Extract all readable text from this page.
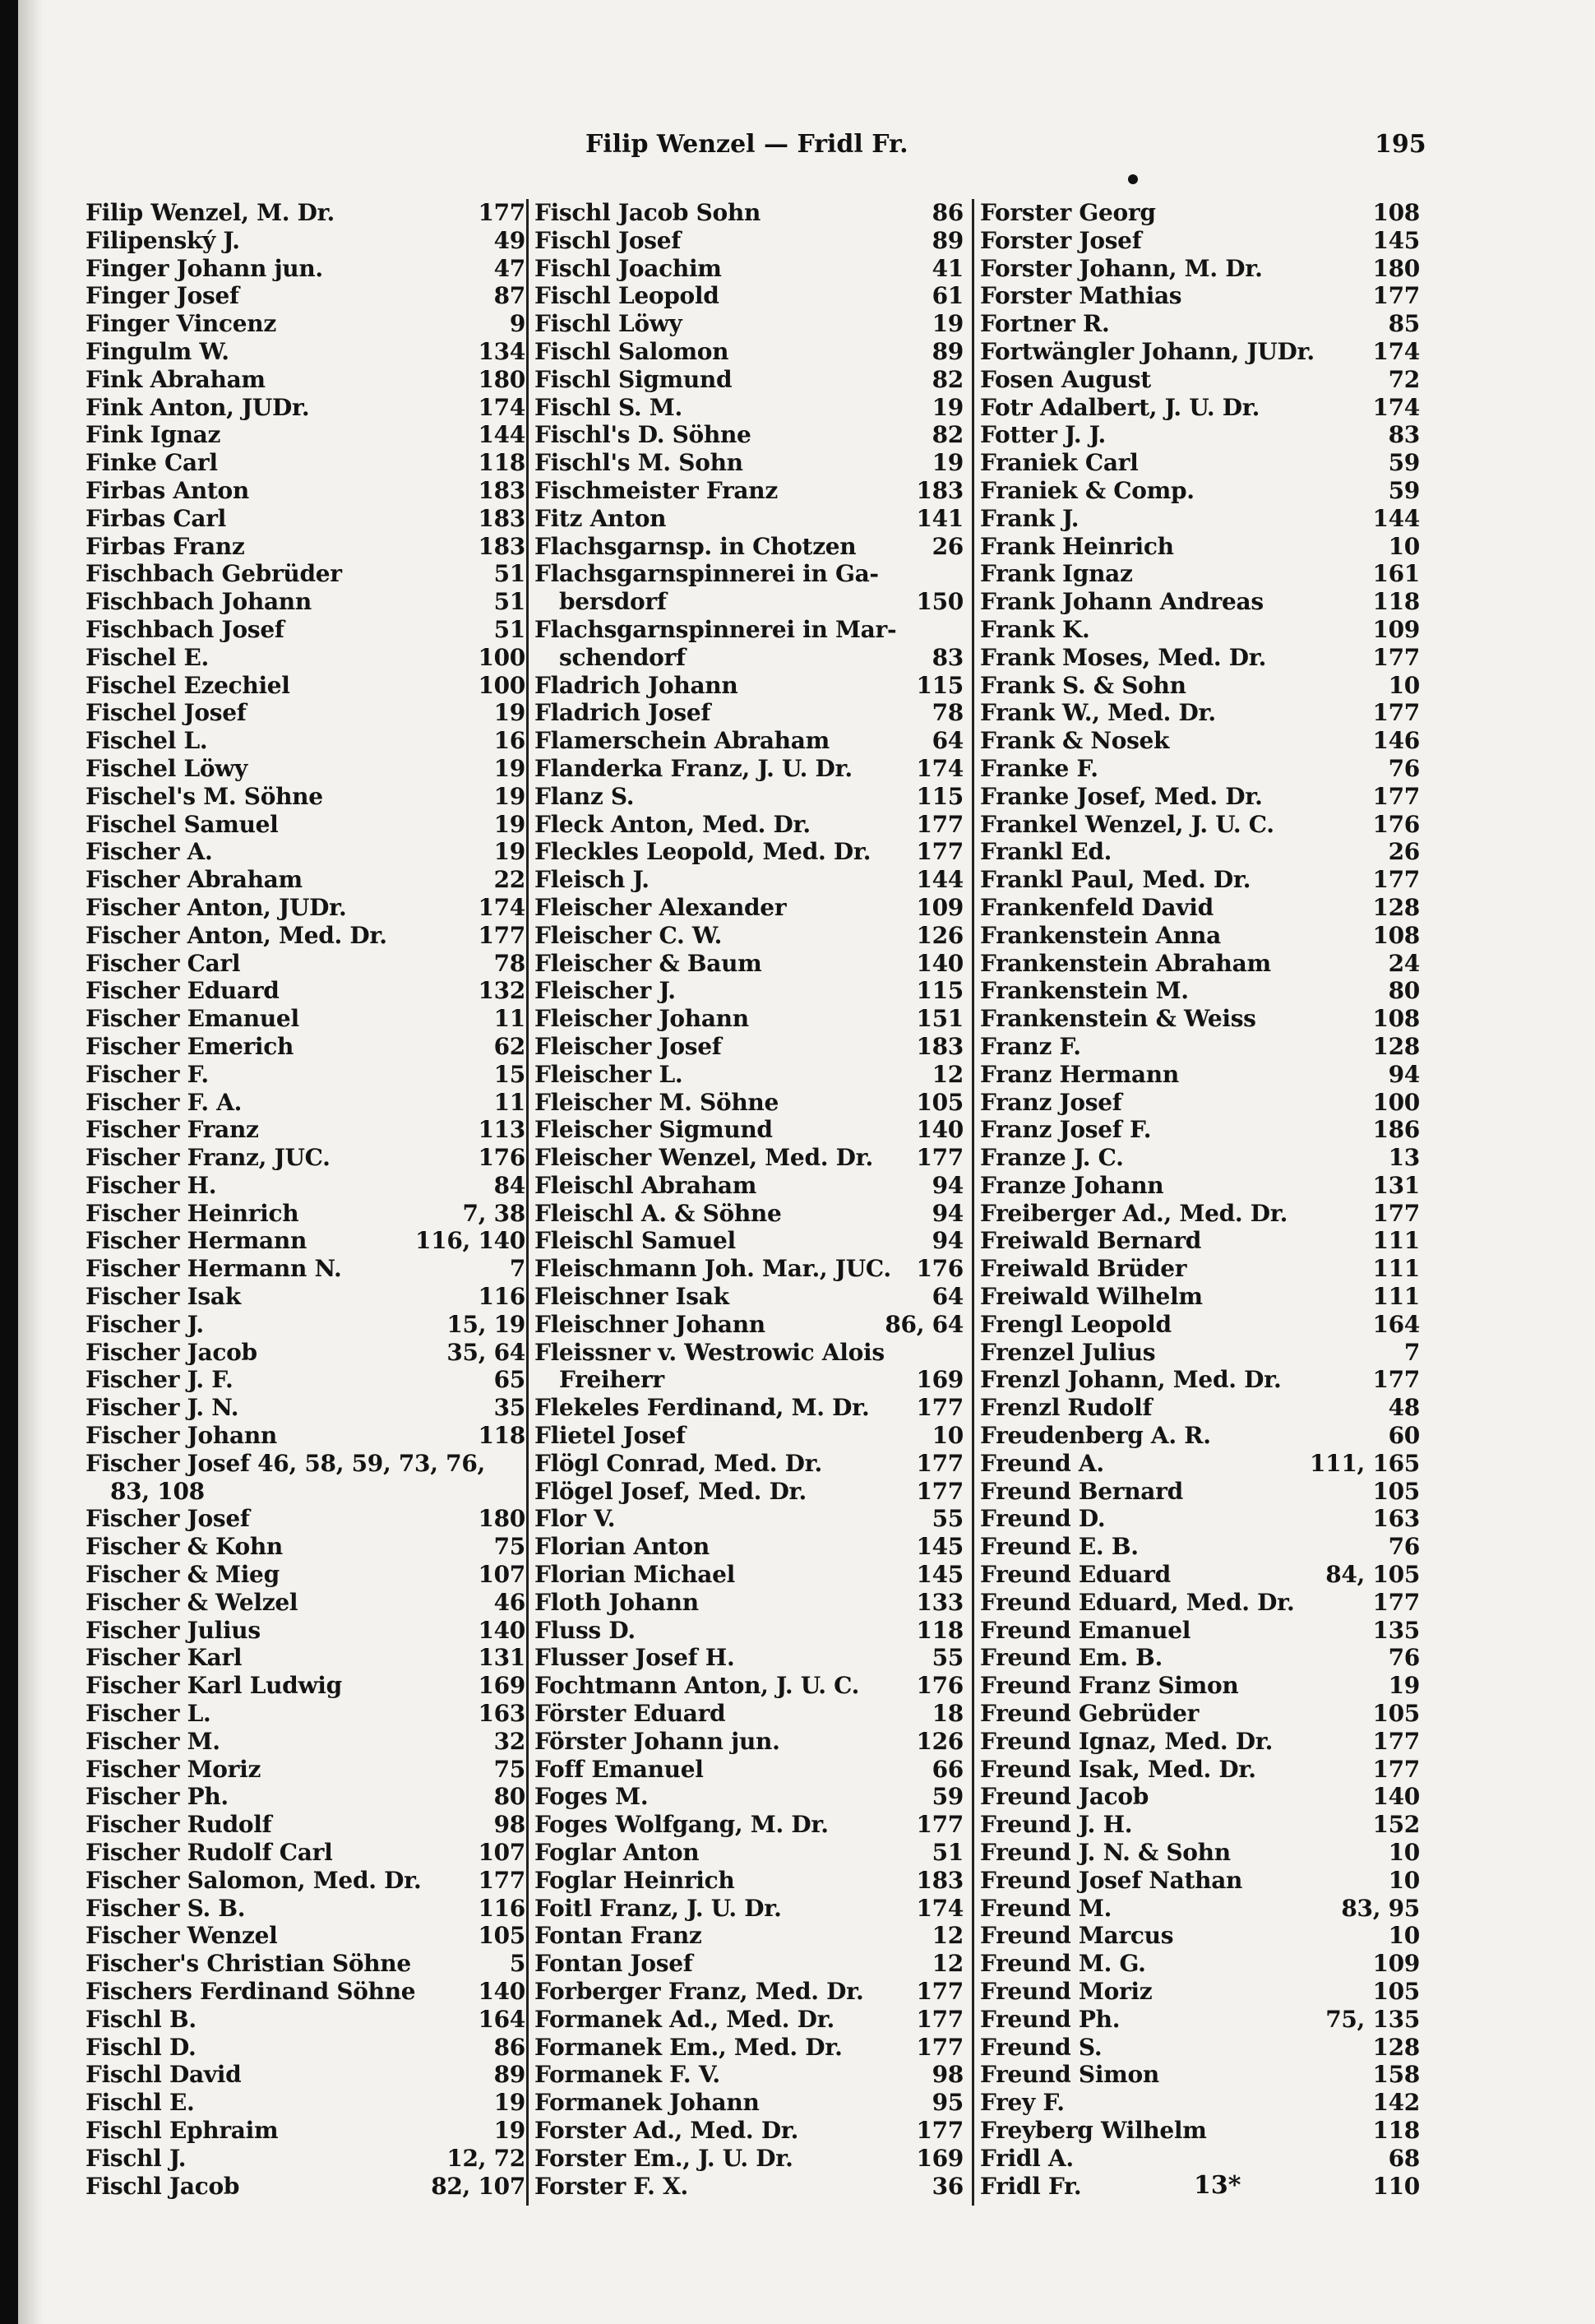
Filip Wenzel — Fridl Fr.	195
Filip Wenzel, M. Dr.	177
Filipenský J.	49
Finger Johann jun.	47
Finger Josef	87
Finger Vincenz	9
Fingulm W.	134
Fink Abraham	180
Fink Anton, JUDr.	174
Fink Ignaz	144
Finke Carl	118
Firbas Anton	183
Firbas Carl	183
Firbas Franz	183
Fischbach Gebrüder	51
Fischbach Johann	51
Fischbach Josef	51
Fischel E.	100
Fischel Ezechiel	100
Fischel Josef	19
Fischel L.	16
Fischel Löwy	19
Fischel's M. Söhne	19
Fischel Samuel	19
Fischer A.	19
Fischer Abraham	22
Fischer Anton, JUDr.	174
Fischer Anton, Med. Dr.	177
Fischer Carl	78
Fischer Eduard	132
Fischer Emanuel	11
Fischer Emerich	62
Fischer F.	15
Fischer F. A.	11
Fischer Franz	113
Fischer Franz, JUC.	176
Fischer H.	84
Fischer Heinrich	7, 38
Fischer Hermann	116, 140
Fischer Hermann N.	7
Fischer Isak	116
Fischer J.	15, 19
Fischer Jacob	35, 64
Fischer J. F.	65
Fischer J. N.	35
Fischer Johann	118
Fischer Josef 46, 58, 59, 73, 76,
83, 108
Fischer Josef	180
Fischer & Kohn	75
Fischer & Mieg	107
Fischer & Welzel	46
Fischer Julius	140
Fischer Karl	131
Fischer Karl Ludwig	169
Fischer L.	163
Fischer M.	32
Fischer Moriz	75
Fischer Ph.	80
Fischer Rudolf	98
Fischer Rudolf Carl	107
Fischer Salomon, Med. Dr.	177
Fischer S. B.	116
Fischer Wenzel	105
Fischer's Christian Söhne	5
Fischers Ferdinand Söhne	140
Fischl B.	164
Fischl D.	86
Fischl David	89
Fischl E.	19
Fischl Ephraim	19
Fischl J.	12, 72
Fischl Jacob	82, 107
Fischl Jacob Sohn	86
Fischl Josef	89
Fischl Joachim	41
Fischl Leopold	61
Fischl Löwy	19
Fischl Salomon	89
Fischl Sigmund	82
Fischl S. M.	19
Fischl's D. Söhne	82
Fischl's M. Sohn	19
Fischmeister Franz	183
Fitz Anton	141
Flachsgarnsp. in Chotzen	26
Flachsgarnspinnerei in Ga-
bersdorf	150
Flachsgarnspinnerei in Mar-
schendorf	83
Fladrich Johann	115
Fladrich Josef	78
Flamerschein Abraham	64
Flanderka Franz, J. U. Dr.	174
Flanz S.	115
Fleck Anton, Med. Dr.	177
Fleckles Leopold, Med. Dr.	177
Fleisch J.	144
Fleischer Alexander	109
Fleischer C. W.	126
Fleischer & Baum	140
Fleischer J.	115
Fleischer Johann	151
Fleischer Josef	183
Fleischer L.	12
Fleischer M. Söhne	105
Fleischer Sigmund	140
Fleischer Wenzel, Med. Dr.	177
Fleischl Abraham	94
Fleischl A. & Söhne	94
Fleischl Samuel	94
Fleischmann Joh. Mar., JUC.	176
Fleischner Isak	64
Fleischner Johann	86, 64
Fleissner v. Westrowic Alois
Freiherr	169
Flekeles Ferdinand, M. Dr.	177
Flietel Josef	10
Flögl Conrad, Med. Dr.	177
Flögel Josef, Med. Dr.	177
Flor V.	55
Florian Anton	145
Florian Michael	145
Floth Johann	133
Fluss D.	118
Flusser Josef H.	55
Fochtmann Anton, J. U. C.	176
Förster Eduard	18
Förster Johann jun.	126
Foff Emanuel	66
Foges M.	59
Foges Wolfgang, M. Dr.	177
Foglar Anton	51
Foglar Heinrich	183
Foitl Franz, J. U. Dr.	174
Fontan Franz	12
Fontan Josef	12
Forberger Franz, Med. Dr.	177
Formanek Ad., Med. Dr.	177
Formanek Em., Med. Dr.	177
Formanek F. V.	98
Formanek Johann	95
Forster Ad., Med. Dr.	177
Forster Em., J. U. Dr.	169
Forster F. X.	36
Forster Georg	108
Forster Josef	145
Forster Johann, M. Dr.	180
Forster Mathias	177
Fortner R.	85
Fortwängler Johann, JUDr.	174
Fosen August	72
Fotr Adalbert, J. U. Dr.	174
Fotter J. J.	83
Franiek Carl	59
Franiek & Comp.	59
Frank J.	144
Frank Heinrich	10
Frank Ignaz	161
Frank Johann Andreas	118
Frank K.	109
Frank Moses, Med. Dr.	177
Frank S. & Sohn	10
Frank W., Med. Dr.	177
Frank & Nosek	146
Franke F.	76
Franke Josef, Med. Dr.	177
Frankel Wenzel, J. U. C.	176
Frankl Ed.	26
Frankl Paul, Med. Dr.	177
Frankenfeld David	128
Frankenstein Anna	108
Frankenstein Abraham	24
Frankenstein M.	80
Frankenstein & Weiss	108
Franz F.	128
Franz Hermann	94
Franz Josef	100
Franz Josef F.	186
Franze J. C.	13
Franze Johann	131
Freiberger Ad., Med. Dr.	177
Freiwald Bernard	111
Freiwald Brüder	111
Freiwald Wilhelm	111
Frengl Leopold	164
Frenzel Julius	7
Frenzl Johann, Med. Dr.	177
Frenzl Rudolf	48
Freudenberg A. R.	60
Freund A.	111, 165
Freund Bernard	105
Freund D.	163
Freund E. B.	76
Freund Eduard	84, 105
Freund Eduard, Med. Dr.	177
Freund Emanuel	135
Freund Em. B.	76
Freund Franz Simon	19
Freund Gebrüder	105
Freund Ignaz, Med. Dr.	177
Freund Isak, Med. Dr.	177
Freund Jacob	140
Freund J. H.	152
Freund J. N. & Sohn	10
Freund Josef Nathan	10
Freund M.	83, 95
Freund Marcus	10
Freund M. G.	109
Freund Moriz	105
Freund Ph.	75, 135
Freund S.	128
Freund Simon	158
Frey F.	142
Freyberg Wilhelm	118
Fridl A.	68
Fridl Fr.	110
13*
